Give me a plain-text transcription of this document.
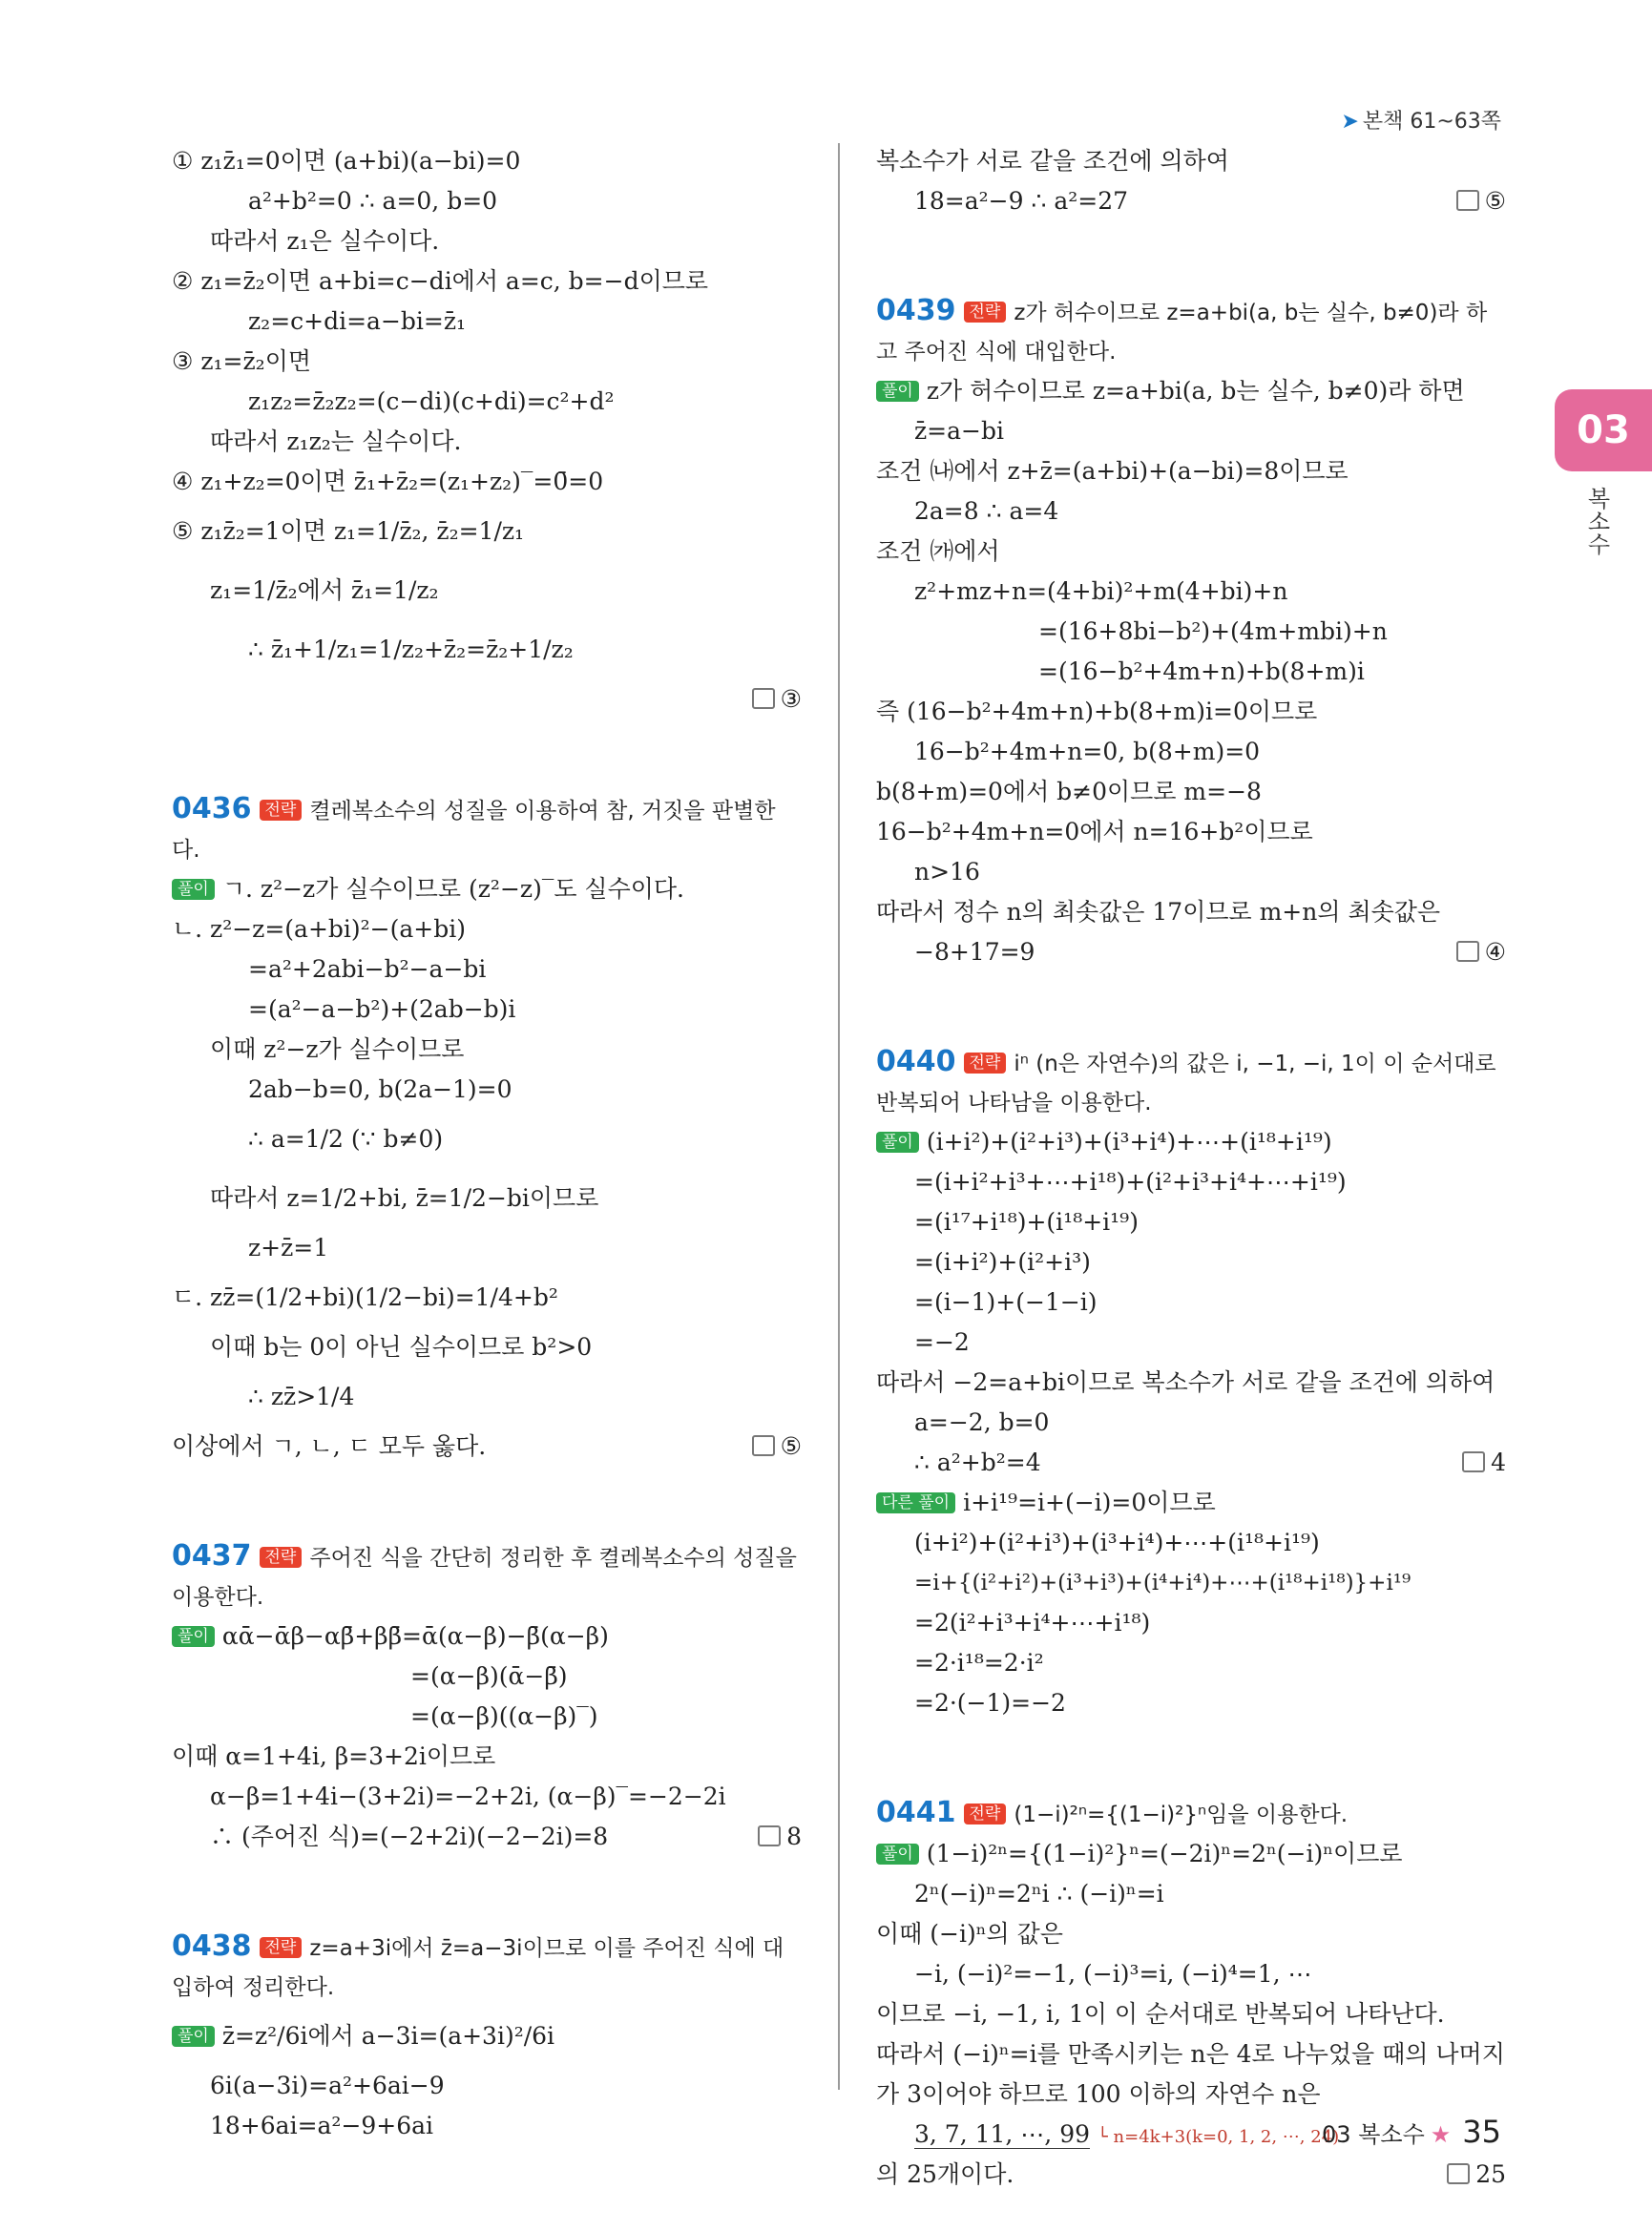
➤ 본책 61~63쪽
03
복소수
① z₁z̄₁=0이면 (a+bi)(a−bi)=0
a²+b²=0 ∴ a=0, b=0
따라서 z₁은 실수이다.
② z₁=z̄₂이면 a+bi=c−di에서 a=c, b=−d이므로
z₂=c+di=a−bi=z̄₁
③ z₁=z̄₂이면
z₁z₂=z̄₂z₂=(c−di)(c+di)=c²+d²
따라서 z₁z₂는 실수이다.
④ z₁+z₂=0이면 z̄₁+z̄₂=(z₁+z₂)‾=0̄=0
⑤ z₁z̄₂=1이면 z₁=1/z̄₂, z̄₂=1/z₁
z₁=1/z̄₂에서 z̄₁=1/z₂
∴ z̄₁+1/z₁=1/z₂+z̄₂=z̄₂+1/z₂
③
0436 전략 켤레복소수의 성질을 이용하여 참, 거짓을 판별한다.
풀이 ㄱ. z²−z가 실수이므로 (z²−z)‾도 실수이다.
ㄴ. z²−z=(a+bi)²−(a+bi)
=a²+2abi−b²−a−bi
=(a²−a−b²)+(2ab−b)i
이때 z²−z가 실수이므로
2ab−b=0, b(2a−1)=0
∴ a=1/2 (∵ b≠0)
따라서 z=1/2+bi, z̄=1/2−bi이므로
z+z̄=1
ㄷ. zz̄=(1/2+bi)(1/2−bi)=1/4+b²
이때 b는 0이 아닌 실수이므로 b²>0
∴ zz̄>1/4
이상에서 ㄱ, ㄴ, ㄷ 모두 옳다.	⑤
0437 전략 주어진 식을 간단히 정리한 후 켤레복소수의 성질을 이용한다.
풀이 αᾱ−ᾱβ−αβ̄+ββ̄=ᾱ(α−β)−β̄(α−β)
=(α−β)(ᾱ−β̄)
=(α−β)((α−β)‾)
이때 α=1+4i, β=3+2i이므로
α−β=1+4i−(3+2i)=−2+2i, (α−β)‾=−2−2i
∴ (주어진 식)=(−2+2i)(−2−2i)=8	8
0438 전략 z=a+3i에서 z̄=a−3i이므로 이를 주어진 식에 대입하여 정리한다.
풀이 z̄=z²/6i에서 a−3i=(a+3i)²/6i
6i(a−3i)=a²+6ai−9
18+6ai=a²−9+6ai
복소수가 서로 같을 조건에 의하여
18=a²−9 ∴ a²=27	⑤
0439 전략 z가 허수이므로 z=a+bi(a, b는 실수, b≠0)라 하고 주어진 식에 대입한다.
풀이 z가 허수이므로 z=a+bi(a, b는 실수, b≠0)라 하면
z̄=a−bi
조건 ㈏에서 z+z̄=(a+bi)+(a−bi)=8이므로
2a=8 ∴ a=4
조건 ㈎에서
z²+mz+n=(4+bi)²+m(4+bi)+n
=(16+8bi−b²)+(4m+mbi)+n
=(16−b²+4m+n)+b(8+m)i
즉 (16−b²+4m+n)+b(8+m)i=0이므로
16−b²+4m+n=0, b(8+m)=0
b(8+m)=0에서 b≠0이므로 m=−8
16−b²+4m+n=0에서 n=16+b²이므로
n>16
따라서 정수 n의 최솟값은 17이므로 m+n의 최솟값은
−8+17=9	④
0440 전략 iⁿ (n은 자연수)의 값은 i, −1, −i, 1이 이 순서대로 반복되어 나타남을 이용한다.
풀이 (i+i²)+(i²+i³)+(i³+i⁴)+⋯+(i¹⁸+i¹⁹)
=(i+i²+i³+⋯+i¹⁸)+(i²+i³+i⁴+⋯+i¹⁹)
=(i¹⁷+i¹⁸)+(i¹⁸+i¹⁹)
=(i+i²)+(i²+i³)
=(i−1)+(−1−i)
=−2
따라서 −2=a+bi이므로 복소수가 서로 같을 조건에 의하여
a=−2, b=0
∴ a²+b²=4	4
다른 풀이 i+i¹⁹=i+(−i)=0이므로
(i+i²)+(i²+i³)+(i³+i⁴)+⋯+(i¹⁸+i¹⁹)
=i+{(i²+i²)+(i³+i³)+(i⁴+i⁴)+⋯+(i¹⁸+i¹⁸)}+i¹⁹
=2(i²+i³+i⁴+⋯+i¹⁸)
=2·i¹⁸=2·i²
=2·(−1)=−2
0441 전략 (1−i)²ⁿ={(1−i)²}ⁿ임을 이용한다.
풀이 (1−i)²ⁿ={(1−i)²}ⁿ=(−2i)ⁿ=2ⁿ(−i)ⁿ이므로
2ⁿ(−i)ⁿ=2ⁿi ∴ (−i)ⁿ=i
이때 (−i)ⁿ의 값은
−i, (−i)²=−1, (−i)³=i, (−i)⁴=1, ⋯
이므로 −i, −1, i, 1이 이 순서대로 반복되어 나타난다.
따라서 (−i)ⁿ=i를 만족시키는 n은 4로 나누었을 때의 나머지
가 3이어야 하므로 100 이하의 자연수 n은
3, 7, 11, ⋯, 99 └ n=4k+3(k=0, 1, 2, ⋯, 24)
의 25개이다.	25
03 복소수 ★ 35
